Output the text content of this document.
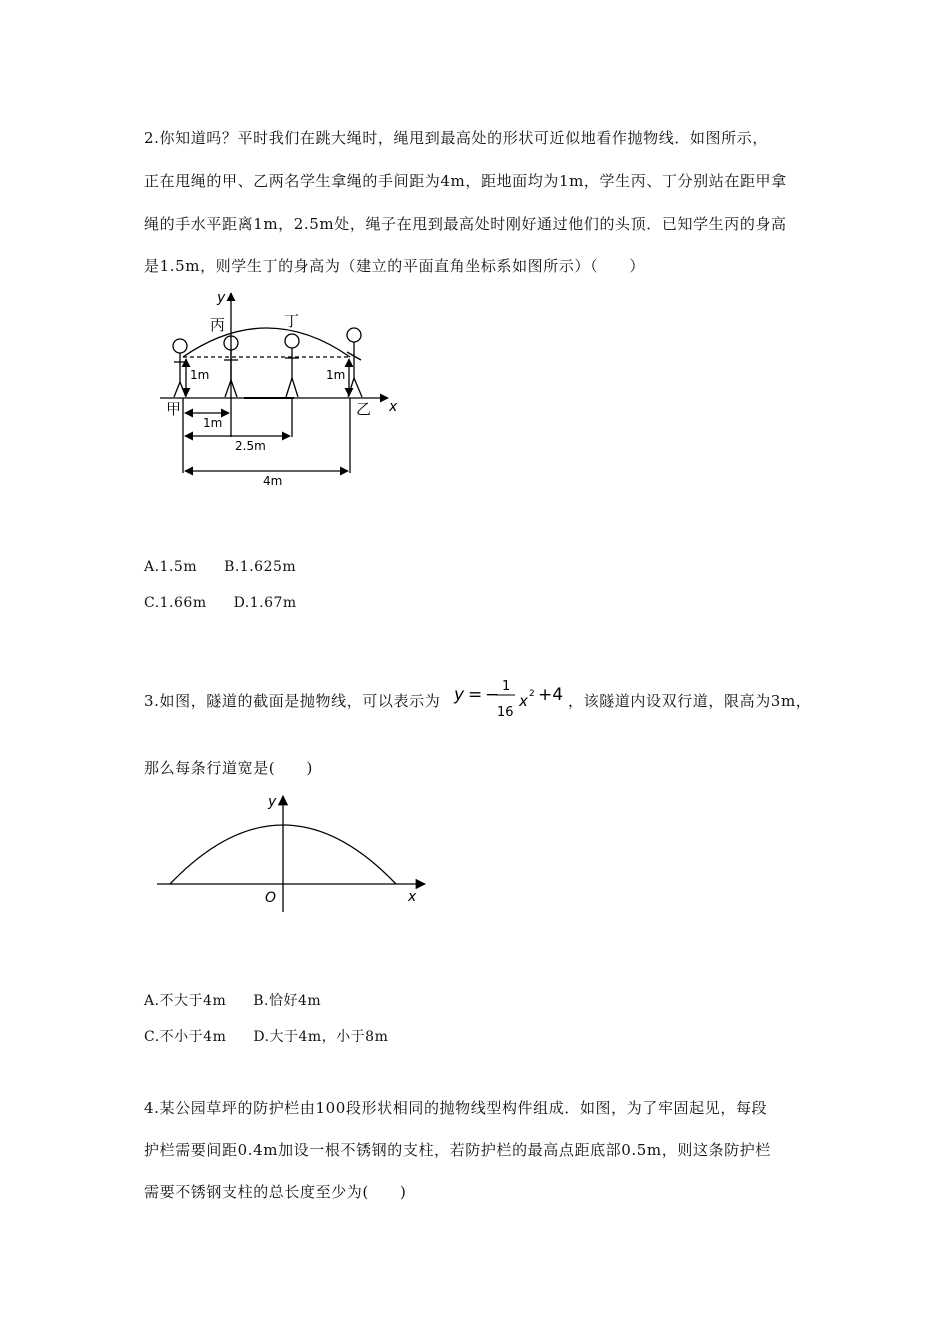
2.你知道吗？平时我们在跳大绳时，绳甩到最高处的形状可近似地看作抛物线．如图所示，
正在甩绳的甲、乙两名学生拿绳的手间距为4m，距地面均为1m，学生丙、丁分别站在距甲拿
绳的手水平距离1m，2.5m处，绳子在甩到最高处时刚好通过他们的头顶．已知学生丙的身高
是1.5m，则学生丁的身高为（建立的平面直角坐标系如图所示）（　　）
y
丙	丁
1m	1m
甲	乙 x
1m
2.5m
4m
A.1.5m B.1.625m
C.1.66m D.1.67m
3.如图，隧道的截面是抛物线，可以表示为 y = − 1
16
x 2 +4 ，该隧道内设双行道，限高为3m，
那么每条行道宽是(　　)
y
O	x
A.不大于4m B.恰好4m
C.不小于4m D.大于4m，小于8m
4.某公园草坪的防护栏由100段形状相同的抛物线型构件组成．如图，为了牢固起见，每段
护栏需要间距0.4m加设一根不锈钢的支柱，若防护栏的最高点距底部0.5m，则这条防护栏
需要不锈钢支柱的总长度至少为(　　)
